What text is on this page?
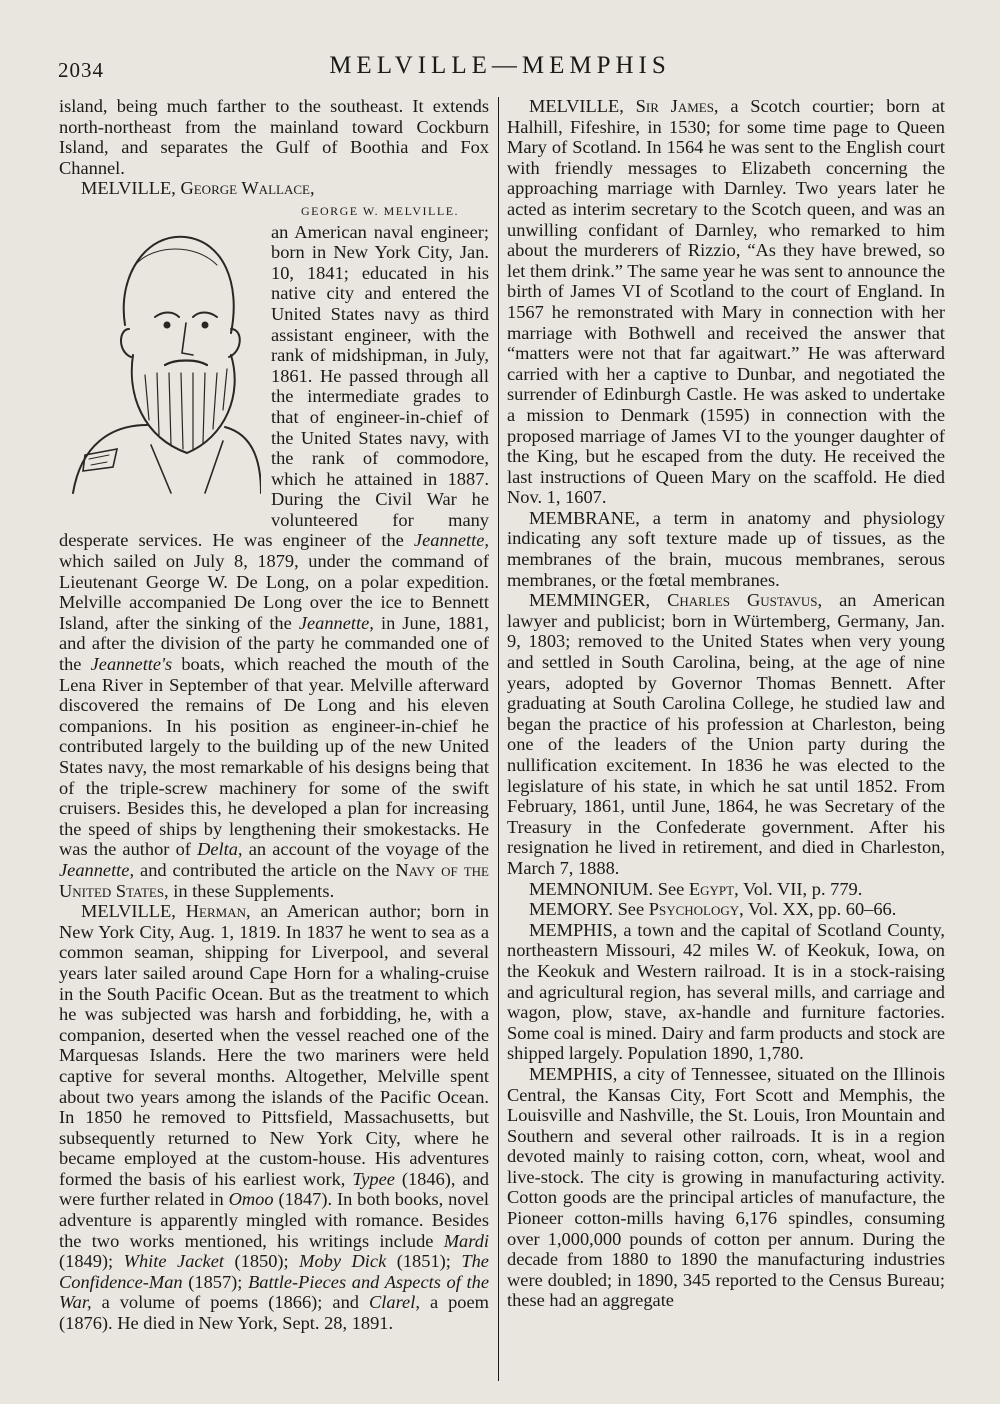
2034	MELVILLE—MEMPHIS

island, being much farther to the southeast. It extends north-northeast from the mainland toward Cockburn Island, and separates the Gulf of Boothia and Fox Channel.

MELVILLE, George Wallace,

GEORGE W. MELVILLE.
an American naval engineer; born in New York City, Jan. 10, 1841; educated in his native city and entered the United States navy as third assistant engineer, with the rank of midshipman, in July, 1861. He passed through all the intermediate grades to that of engineer-in-chief of the United States navy, with the rank of commodore, which he attained in 1887. During the Civil War he volunteered for many desperate services. He was engineer of the Jeannette, which sailed on July 8, 1879, under the command of Lieutenant George W. De Long, on a polar expedition. Melville accompanied De Long over the ice to Bennett Island, after the sinking of the Jeannette, in June, 1881, and after the division of the party he commanded one of the Jeannette's boats, which reached the mouth of the Lena River in September of that year. Melville afterward discovered the remains of De Long and his eleven companions. In his position as engineer-in-chief he contributed largely to the building up of the new United States navy, the most remarkable of his designs being that of the triple-screw machinery for some of the swift cruisers. Besides this, he developed a plan for increasing the speed of ships by lengthening their smokestacks. He was the author of Delta, an account of the voyage of the Jeannette, and contributed the article on the Navy of the United States, in these Supplements.

MELVILLE, Herman, an American author; born in New York City, Aug. 1, 1819. In 1837 he went to sea as a common seaman, shipping for Liverpool, and several years later sailed around Cape Horn for a whaling-cruise in the South Pacific Ocean. But as the treatment to which he was subjected was harsh and forbidding, he, with a companion, deserted when the vessel reached one of the Marquesas Islands. Here the two mariners were held captive for several months. Altogether, Melville spent about two years among the islands of the Pacific Ocean. In 1850 he removed to Pittsfield, Massachusetts, but subsequently returned to New York City, where he became employed at the custom-house. His adventures formed the basis of his earliest work, Typee (1846), and were further related in Omoo (1847). In both books, novel adventure is apparently mingled with romance. Besides the two works mentioned, his writings include Mardi (1849); White Jacket (1850); Moby Dick (1851); The Confidence-Man (1857); Battle-Pieces and Aspects of the War, a volume of poems (1866); and Clarel, a poem (1876). He died in New York, Sept. 28, 1891.

MELVILLE, Sir James, a Scotch courtier; born at Halhill, Fifeshire, in 1530; for some time page to Queen Mary of Scotland. In 1564 he was sent to the English court with friendly messages to Elizabeth concerning the approaching marriage with Darnley. Two years later he acted as interim secretary to the Scotch queen, and was an unwilling confidant of Darnley, who remarked to him about the murderers of Rizzio, “As they have brewed, so let them drink.” The same year he was sent to announce the birth of James VI of Scotland to the court of England. In 1567 he remonstrated with Mary in connection with her marriage with Bothwell and received the answer that “matters were not that far agaitwart.” He was afterward carried with her a captive to Dunbar, and negotiated the surrender of Edinburgh Castle. He was asked to undertake a mission to Denmark (1595) in connection with the proposed marriage of James VI to the younger daughter of the King, but he escaped from the duty. He received the last instructions of Queen Mary on the scaffold. He died Nov. 1, 1607.

MEMBRANE, a term in anatomy and physiology indicating any soft texture made up of tissues, as the membranes of the brain, mucous membranes, serous membranes, or the fœtal membranes.

MEMMINGER, Charles Gustavus, an American lawyer and publicist; born in Würtemberg, Germany, Jan. 9, 1803; removed to the United States when very young and settled in South Carolina, being, at the age of nine years, adopted by Governor Thomas Bennett. After graduating at South Carolina College, he studied law and began the practice of his profession at Charleston, being one of the leaders of the Union party during the nullification excitement. In 1836 he was elected to the legislature of his state, in which he sat until 1852. From February, 1861, until June, 1864, he was Secretary of the Treasury in the Confederate government. After his resignation he lived in retirement, and died in Charleston, March 7, 1888.

MEMNONIUM. See Egypt, Vol. VII, p. 779.

MEMORY. See Psychology, Vol. XX, pp. 60–66.

MEMPHIS, a town and the capital of Scotland County, northeastern Missouri, 42 miles W. of Keokuk, Iowa, on the Keokuk and Western railroad. It is in a stock-raising and agricultural region, has several mills, and carriage and wagon, plow, stave, ax-handle and furniture factories. Some coal is mined. Dairy and farm products and stock are shipped largely. Population 1890, 1,780.

MEMPHIS, a city of Tennessee, situated on the Illinois Central, the Kansas City, Fort Scott and Memphis, the Louisville and Nashville, the St. Louis, Iron Mountain and Southern and several other railroads. It is in a region devoted mainly to raising cotton, corn, wheat, wool and live-stock. The city is growing in manufacturing activity. Cotton goods are the principal articles of manufacture, the Pioneer cotton-mills having 6,176 spindles, consuming over 1,000,000 pounds of cotton per annum. During the decade from 1880 to 1890 the manufacturing industries were doubled; in 1890, 345 reported to the Census Bureau; these had an aggregate
